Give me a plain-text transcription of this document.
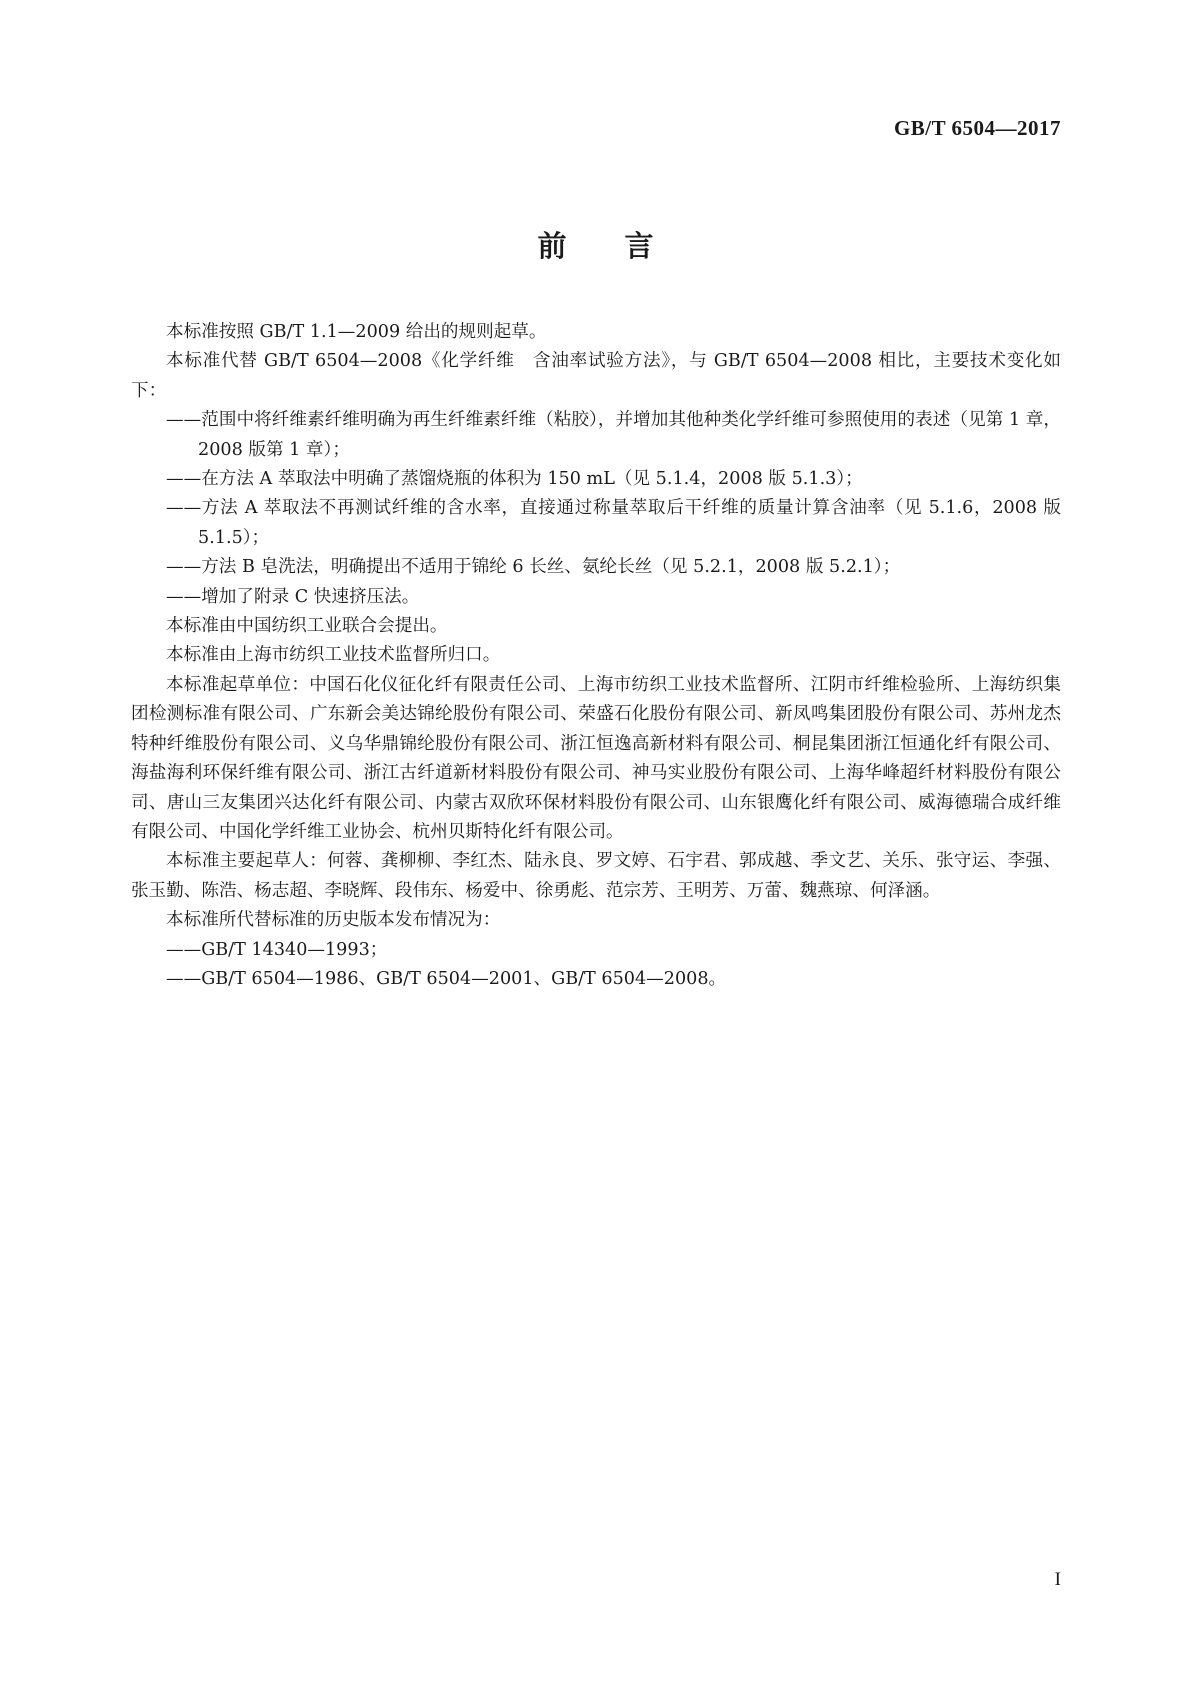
GB/T 6504—2017
前 言

本标准按照 GB/T 1.1—2009 给出的规则起草。

本标准代替 GB/T 6504—2008《化学纤维　含油率试验方法》，与 GB/T 6504—2008 相比，主要技术变化如下：

——范围中将纤维素纤维明确为再生纤维素纤维（粘胶），并增加其他种类化学纤维可参照使用的表述（见第 1 章，2008 版第 1 章）；

——在方法 A 萃取法中明确了蒸馏烧瓶的体积为 150 mL（见 5.1.4，2008 版 5.1.3）；

——方法 A 萃取法不再测试纤维的含水率，直接通过称量萃取后干纤维的质量计算含油率（见 5.1.6，2008 版 5.1.5）；

——方法 B 皂洗法，明确提出不适用于锦纶 6 长丝、氨纶长丝（见 5.2.1，2008 版 5.2.1）；

——增加了附录 C 快速挤压法。

本标准由中国纺织工业联合会提出。

本标准由上海市纺织工业技术监督所归口。

本标准起草单位：中国石化仪征化纤有限责任公司、上海市纺织工业技术监督所、江阴市纤维检验所、上海纺织集团检测标准有限公司、广东新会美达锦纶股份有限公司、荣盛石化股份有限公司、新凤鸣集团股份有限公司、苏州龙杰特种纤维股份有限公司、义乌华鼎锦纶股份有限公司、浙江恒逸高新材料有限公司、桐昆集团浙江恒通化纤有限公司、海盐海利环保纤维有限公司、浙江古纤道新材料股份有限公司、神马实业股份有限公司、上海华峰超纤材料股份有限公司、唐山三友集团兴达化纤有限公司、内蒙古双欣环保材料股份有限公司、山东银鹰化纤有限公司、威海德瑞合成纤维有限公司、中国化学纤维工业协会、杭州贝斯特化纤有限公司。

本标准主要起草人：何蓉、龚柳柳、李红杰、陆永良、罗文婷、石宇君、郭成越、季文艺、关乐、张守运、李强、张玉勤、陈浩、杨志超、李晓辉、段伟东、杨爱中、徐勇彪、范宗芳、王明芳、万蕾、魏燕琼、何泽涵。

本标准所代替标准的历史版本发布情况为：

——GB/T 14340—1993；

——GB/T 6504—1986、GB/T 6504—2001、GB/T 6504—2008。

I
